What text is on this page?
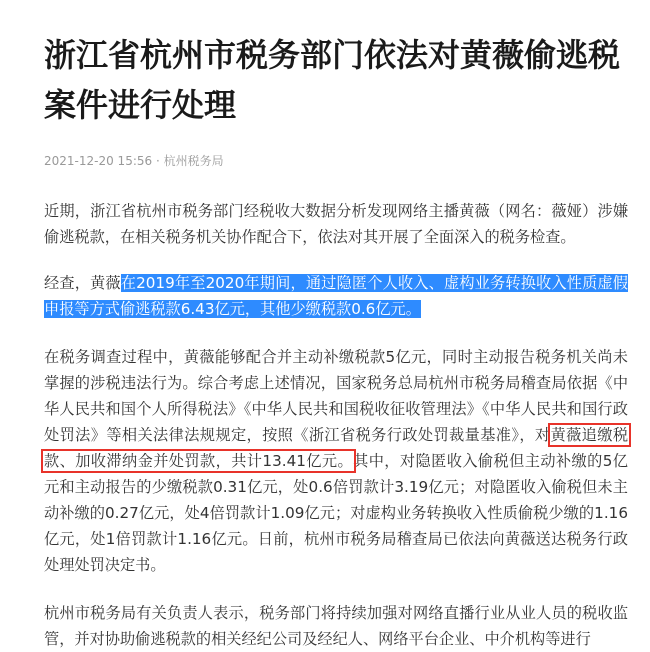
浙江省杭州市税务部门依法对黄薇偷逃税案件进行处理
2021-12-20 15:56 · 杭州税务局

近期，浙江省杭州市税务部门经税收大数据分析发现网络主播黄薇（网名：薇娅）涉嫌偷逃税款，在相关税务机关协作配合下，依法对其开展了全面深入的税务检查。

经查，黄薇在2019年至2020年期间，通过隐匿个人收入、虚构业务转换收入性质虚假申报等方式偷逃税款6.43亿元，其他少缴税款0.6亿元。

在税务调查过程中，黄薇能够配合并主动补缴税款5亿元，同时主动报告税务机关尚未掌握的涉税违法行为。综合考虑上述情况，国家税务总局杭州市税务局稽查局依据《中华人民共和国个人所得税法》《中华人民共和国税收征收管理法》《中华人民共和国行政处罚法》等相关法律法规规定，按照《浙江省税务行政处罚裁量基准》，对黄薇追缴税款、加收滞纳金并处罚款，共计13.41亿元。其中，对隐匿收入偷税但主动补缴的5亿元和主动报告的少缴税款0.31亿元，处0.6倍罚款计3.19亿元；对隐匿收入偷税但未主动补缴的0.27亿元，处4倍罚款计1.09亿元；对虚构业务转换收入性质偷税少缴的1.16亿元，处1倍罚款计1.16亿元。日前，杭州市税务局稽查局已依法向黄薇送达税务行政处理处罚决定书。

杭州市税务局有关负责人表示，税务部门将持续加强对网络直播行业从业人员的税收监管，并对协助偷逃税款的相关经纪公司及经纪人、网络平台企业、中介机构等进行
